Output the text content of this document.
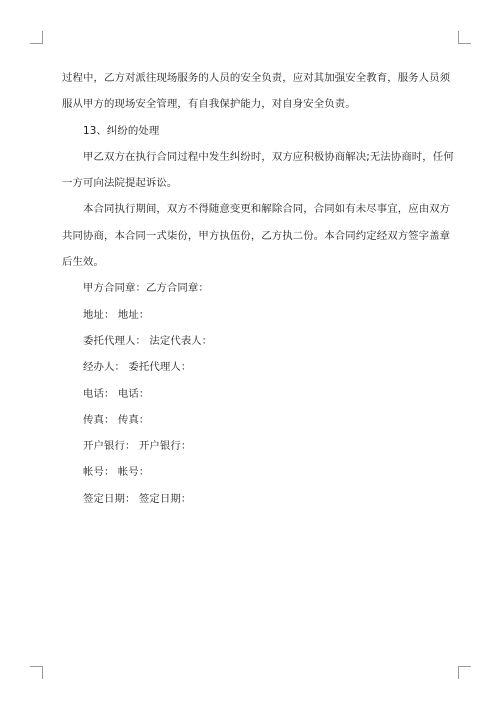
过程中，乙方对派往现场服务的人员的安全负责，应对其加强安全教育，服务人员须

服从甲方的现场安全管理，有自我保护能力，对自身安全负责。

13、纠纷的处理

甲乙双方在执行合同过程中发生纠纷时，双方应积极协商解决;无法协商时，任何

一方可向法院提起诉讼。

本合同执行期间，双方不得随意变更和解除合同，合同如有未尽事宜，应由双方

共同协商，本合同一式柒份，甲方执伍份，乙方执二份。本合同约定经双方签字盖章

后生效。

甲方合同章：乙方合同章：

地址： 地址：

委托代理人： 法定代表人：

经办人： 委托代理人：

电话： 电话：

传真： 传真：

开户银行： 开户银行：

帐号： 帐号：

签定日期： 签定日期：
